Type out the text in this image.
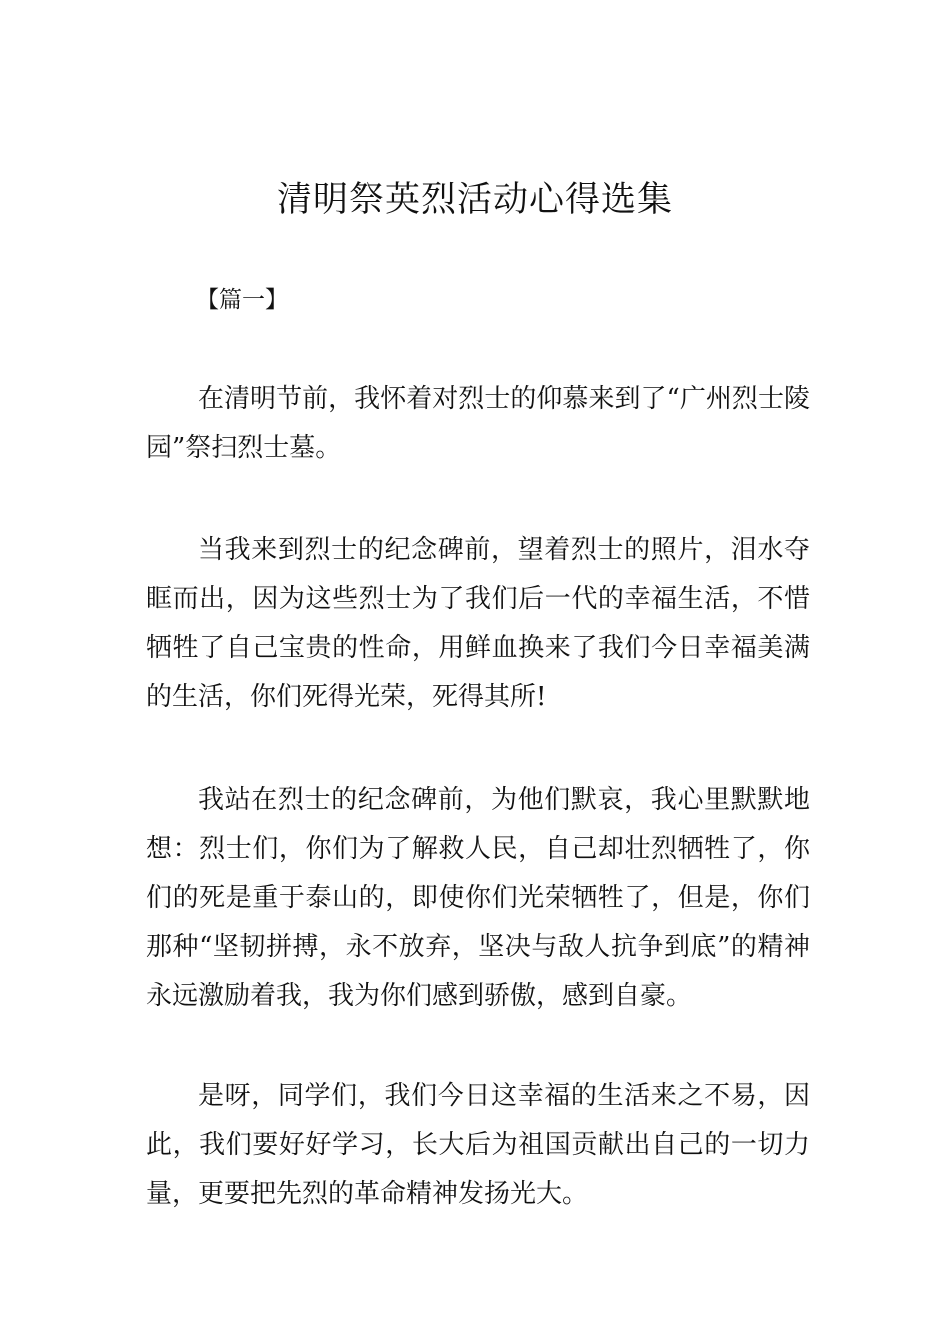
清明祭英烈活动心得选集

【篇一】

在清明节前，我怀着对烈士的仰慕来到了“广州烈士陵园”祭扫烈士墓。

当我来到烈士的纪念碑前，望着烈士的照片，泪水夺眶而出，因为这些烈士为了我们后一代的幸福生活，不惜牺牲了自己宝贵的性命，用鲜血换来了我们今日幸福美满的生活，你们死得光荣，死得其所!

我站在烈士的纪念碑前，为他们默哀，我心里默默地想：烈士们，你们为了解救人民，自己却壮烈牺牲了，你们的死是重于泰山的，即使你们光荣牺牲了，但是，你们那种“坚韧拼搏，永不放弃，坚决与敌人抗争到底”的精神永远激励着我，我为你们感到骄傲，感到自豪。

是呀，同学们，我们今日这幸福的生活来之不易，因此，我们要好好学习，长大后为祖国贡献出自己的一切力量，更要把先烈的革命精神发扬光大。
